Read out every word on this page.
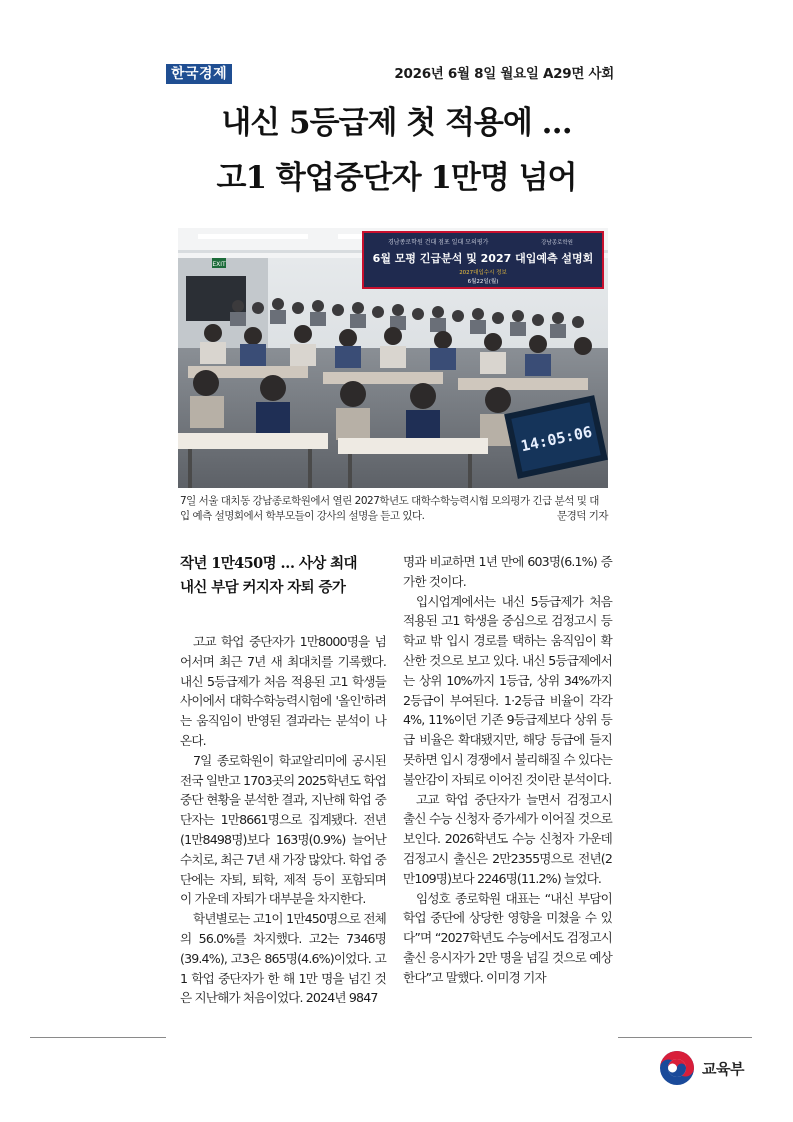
한국경제	2026년 6월 8일 월요일 A29면 사회
내신 5등급제 첫 적용에 …
고1 학업중단자 1만명 넘어
EXIT
경남종로학원 건대 점포 일대 모의평가	강남종로학원
6월 모평 긴급분석 및 2027 대입예측 설명회
2027대입수시 정보
6월22일(월)
14:05:06
7일 서울 대치동 강남종로학원에서 열린 2027학년도 대학수학능력시험 모의평가 긴급 분석 및 대입 예측 설명회에서 학부모들이 강사의 설명을 듣고 있다.	문경덕 기자
작년 1만450명 … 사상 최대
내신 부담 커지자 자퇴 증가

고교 학업 중단자가 1만8000명을 넘어서며 최근 7년 새 최대치를 기록했다. 내신 5등급제가 처음 적용된 고1 학생들 사이에서 대학수학능력시험에 '올인'하려는 움직임이 반영된 결과라는 분석이 나온다.

7일 종로학원이 학교알리미에 공시된 전국 일반고 1703곳의 2025학년도 학업 중단 현황을 분석한 결과, 지난해 학업 중단자는 1만8661명으로 집계됐다. 전년(1만8498명)보다 163명(0.9%) 늘어난 수치로, 최근 7년 새 가장 많았다. 학업 중단에는 자퇴, 퇴학, 제적 등이 포함되며 이 가운데 자퇴가 대부분을 차지한다.

학년별로는 고1이 1만450명으로 전체의 56.0%를 차지했다. 고2는 7346명(39.4%), 고3은 865명(4.6%)이었다. 고1 학업 중단자가 한 해 1만 명을 넘긴 것은 지난해가 처음이었다. 2024년 9847

명과 비교하면 1년 만에 603명(6.1%) 증가한 것이다.

입시업계에서는 내신 5등급제가 처음 적용된 고1 학생을 중심으로 검정고시 등 학교 밖 입시 경로를 택하는 움직임이 확산한 것으로 보고 있다. 내신 5등급제에서는 상위 10%까지 1등급, 상위 34%까지 2등급이 부여된다. 1·2등급 비율이 각각 4%, 11%이던 기존 9등급제보다 상위 등급 비율은 확대됐지만, 해당 등급에 들지 못하면 입시 경쟁에서 불리해질 수 있다는 불안감이 자퇴로 이어진 것이란 분석이다.

고교 학업 중단자가 늘면서 검정고시 출신 수능 신청자 증가세가 이어질 것으로 보인다. 2026학년도 수능 신청자 가운데 검정고시 출신은 2만2355명으로 전년(2만109명)보다 2246명(11.2%) 늘었다.

임성호 종로학원 대표는 “내신 부담이 학업 중단에 상당한 영향을 미쳤을 수 있다”며 “2027학년도 수능에서도 검정고시 출신 응시자가 2만 명을 넘길 것으로 예상한다”고 말했다. 이미경 기자

교육부
